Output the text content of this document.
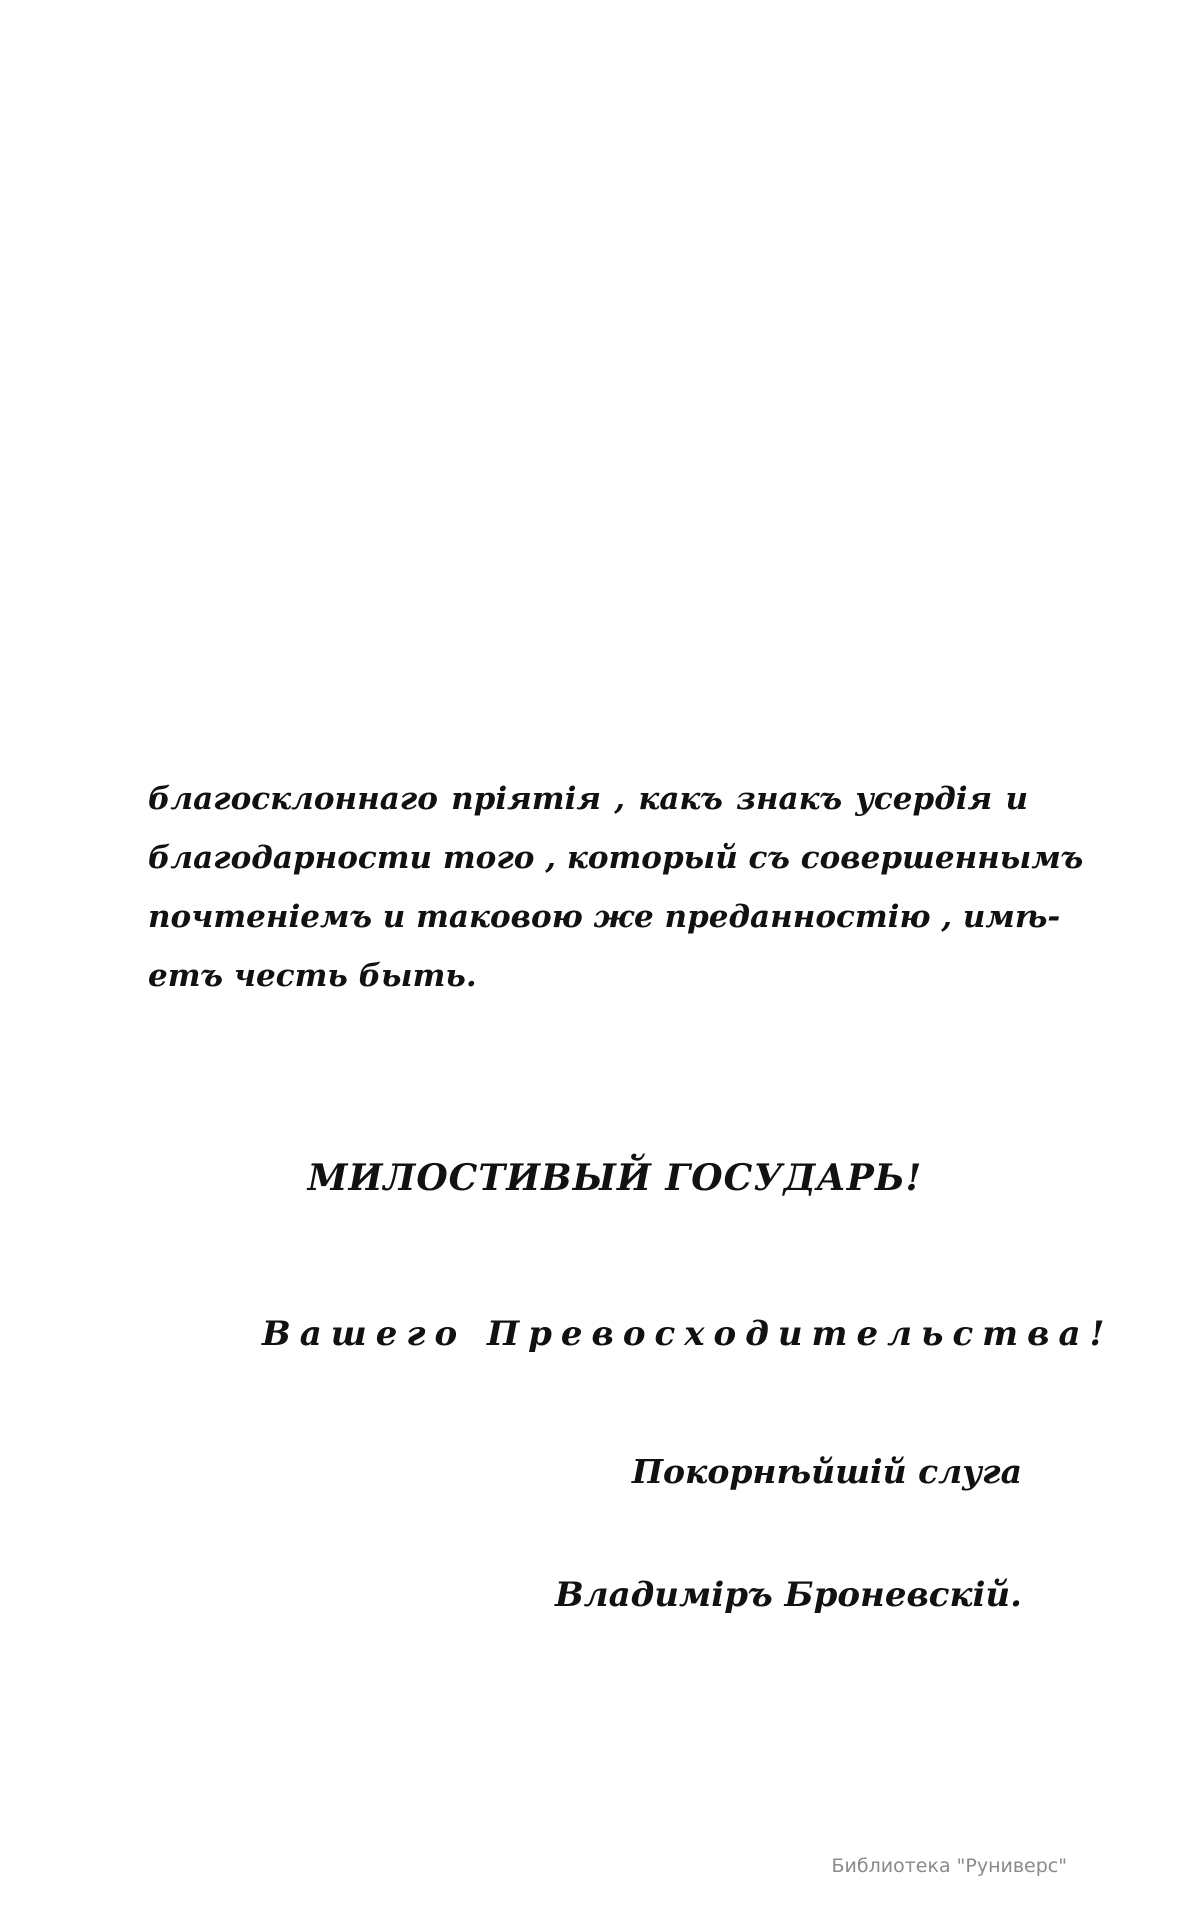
благосклоннаго прiятiя , какъ знакъ усердiя и
благодарности того , который съ совершеннымъ
почтенiемъ и таковою же преданностiю , имѣ-
етъ честь быть.
МИЛОСТИВЫЙ ГОСУДАРЬ!
Вашего Превосходительства!
Покорнѣйшiй слуга
Владимiръ Броневскiй.
Библиотека "Руниверс"
